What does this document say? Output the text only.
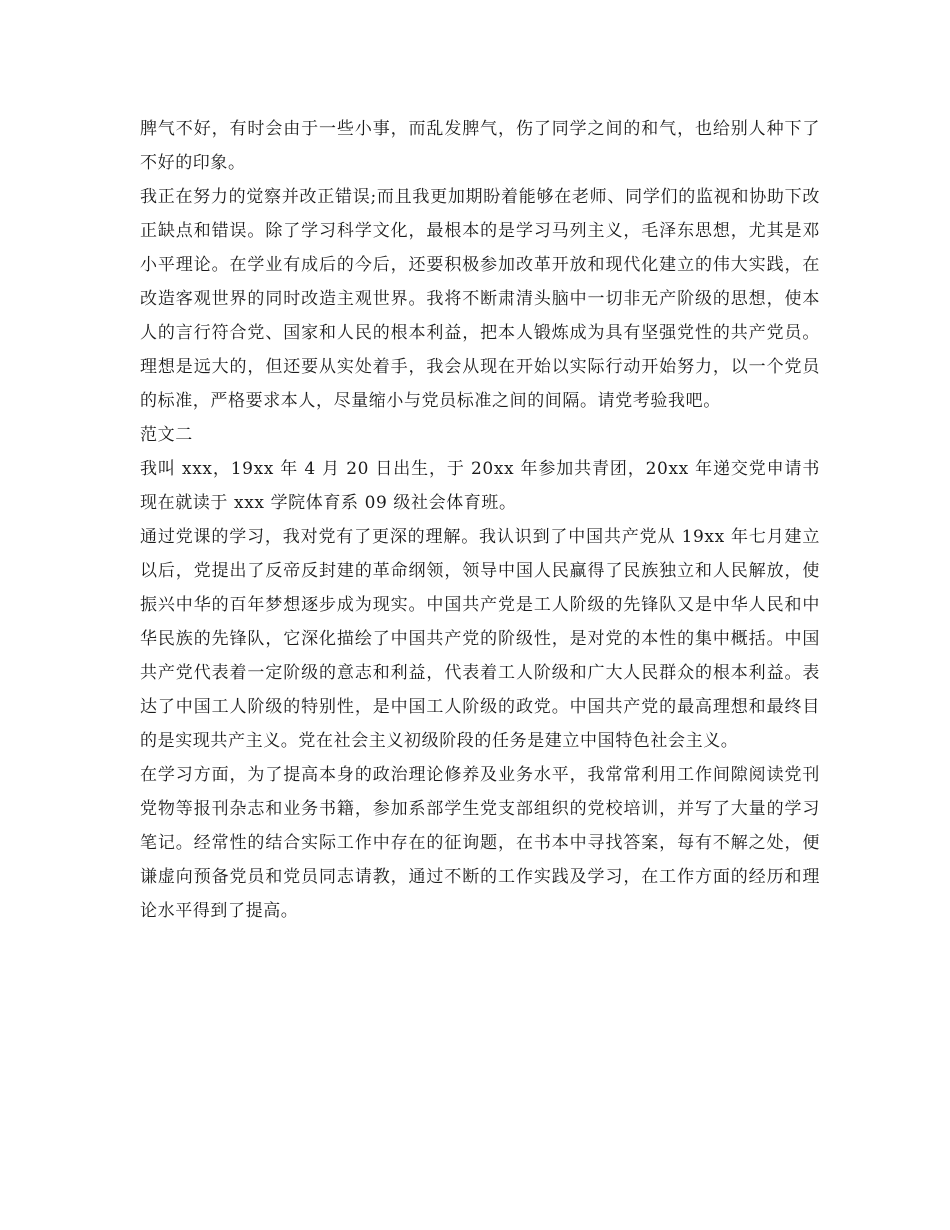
脾气不好，有时会由于一些小事，而乱发脾气，伤了同学之间的和气，也给别人种下了不好的印象。

我正在努力的觉察并改正错误;而且我更加期盼着能够在老师、同学们的监视和协助下改正缺点和错误。除了学习科学文化，最根本的是学习马列主义，毛泽东思想，尤其是邓小平理论。在学业有成后的今后，还要积极参加改革开放和现代化建立的伟大实践，在改造客观世界的同时改造主观世界。我将不断肃清头脑中一切非无产阶级的思想，使本人的言行符合党、国家和人民的根本利益，把本人锻炼成为具有坚强党性的共产党员。理想是远大的，但还要从实处着手，我会从现在开始以实际行动开始努力，以一个党员的标准，严格要求本人，尽量缩小与党员标准之间的间隔。请党考验我吧。

范文二

我叫 xxx，19xx 年 4 月 20 日出生，于 20xx 年参加共青团，20xx 年递交党申请书现在就读于 xxx 学院体育系 09 级社会体育班。

通过党课的学习，我对党有了更深的理解。我认识到了中国共产党从 19xx 年七月建立以后，党提出了反帝反封建的革命纲领，领导中国人民赢得了民族独立和人民解放，使振兴中华的百年梦想逐步成为现实。中国共产党是工人阶级的先锋队又是中华人民和中华民族的先锋队，它深化描绘了中国共产党的阶级性，是对党的本性的集中概括。中国共产党代表着一定阶级的意志和利益，代表着工人阶级和广大人民群众的根本利益。表达了中国工人阶级的特别性，是中国工人阶级的政党。中国共产党的最高理想和最终目的是实现共产主义。党在社会主义初级阶段的任务是建立中国特色社会主义。

在学习方面，为了提高本身的政治理论修养及业务水平，我常常利用工作间隙阅读党刊党物等报刊杂志和业务书籍，参加系部学生党支部组织的党校培训，并写了大量的学习笔记。经常性的结合实际工作中存在的征询题，在书本中寻找答案，每有不解之处，便谦虚向预备党员和党员同志请教，通过不断的工作实践及学习，在工作方面的经历和理论水平得到了提高。
